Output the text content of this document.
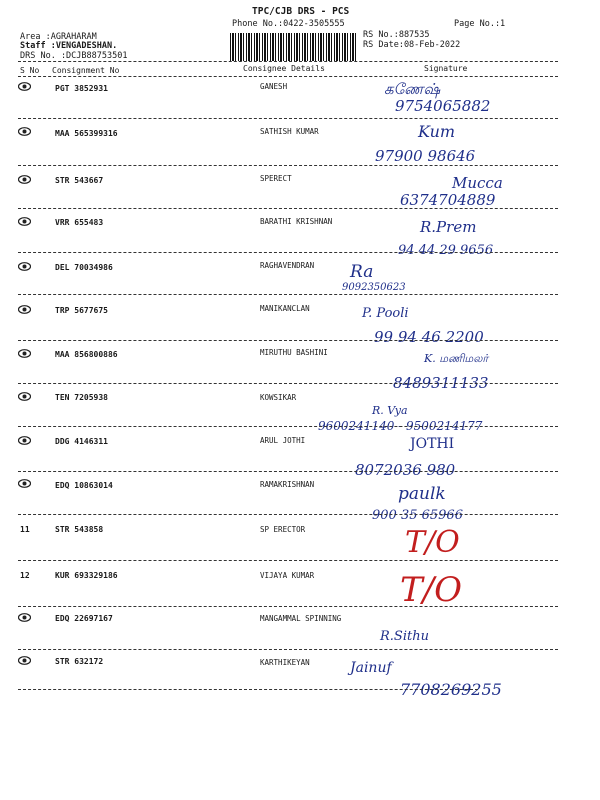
TPC/CJB DRS - PCS
Phone No.:0422-3505555	Page No.:1
Area :AGRAHARAM
Staff :VENGADESHAN.
DRS No. :DCJB88753501
RS No.:887535
RS Date:08-Feb-2022
S No Consignment No	Consignee Details	Signature
PGT 3852931	GANESH	கணேஷ்
9754065882
MAA 565399316	SATHISH KUMAR	Kum
97900 98646
STR 543667	SPERECT	Mucca
6374704889
VRR 655483	BARATHI KRISHNAN	R.Prem
94 44 29 9656
DEL 70034986	RAGHAVENDRAN Ra
9092350623
TRP 5677675	MANIKANCLAN	P. Pooli
99 94 46 2200
MAA 856800886	MIRUTHU BASHINI	K. மணிமலர்
8489311133
TEN 7205938	KOWSIKAR
R. Vya
9600241140 - 9500214177
DDG 4146311	ARUL JOTHI	JOTHI
8072036 980
EDQ 10863014	RAMAKRISHNAN	paulk
900 35 65966
11	STR 543858	SP ERECTOR	T/O
12	KUR 693329186	VIJAYA KUMAR	T/O
EDQ 22697167	MANGAMMAL SPINNING
R.Sithu
STR 632172	KARTHIKEYAN	Jainuf
7708269255
